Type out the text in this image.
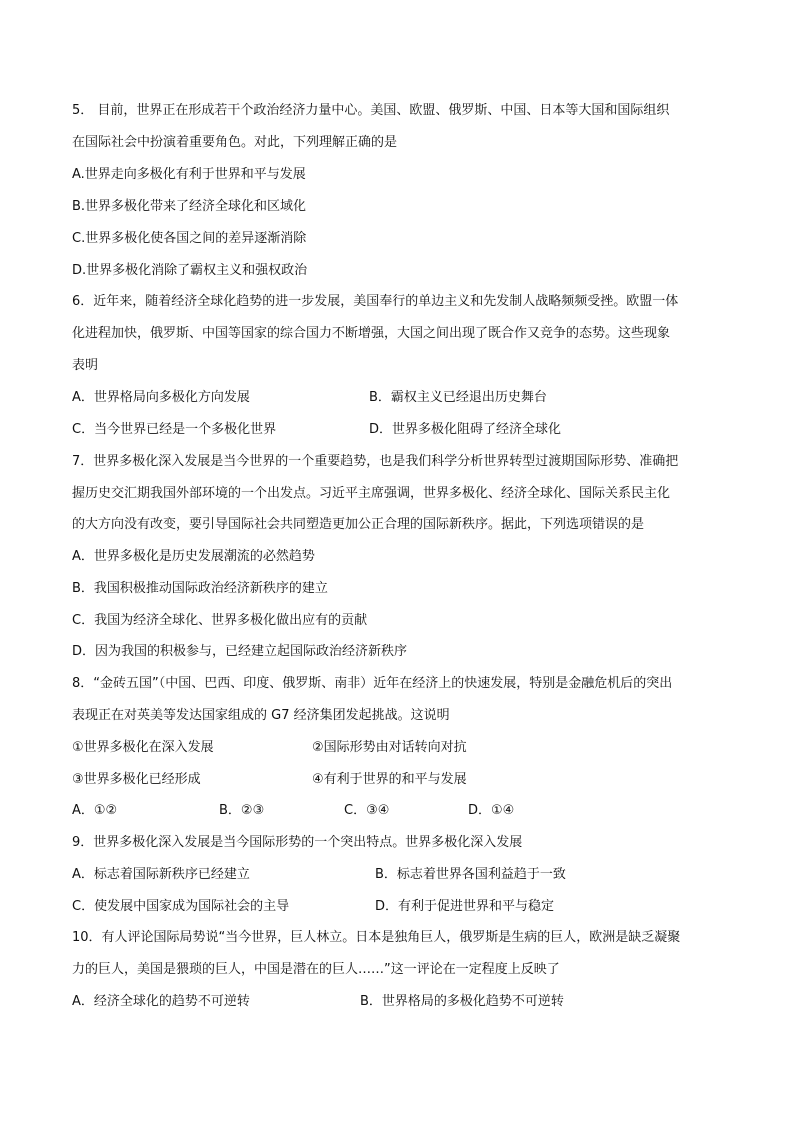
5． 目前，世界正在形成若干个政治经济力量中心。美国、欧盟、俄罗斯、中国、日本等大国和国际组织
在国际社会中扮演着重要角色。对此，下列理解正确的是
A.世界走向多极化有利于世界和平与发展
B.世界多极化带来了经济全球化和区域化
C.世界多极化使各国之间的差异逐渐消除
D.世界多极化消除了霸权主义和强权政治
6．近年来，随着经济全球化趋势的进一步发展，美国奉行的单边主义和先发制人战略频频受挫。欧盟一体
化进程加快，俄罗斯、中国等国家的综合国力不断增强，大国之间出现了既合作又竞争的态势。这些现象
表明
A．世界格局向多极化方向发展	B．霸权主义已经退出历史舞台
C．当今世界已经是一个多极化世界	D．世界多极化阻碍了经济全球化
7．世界多极化深入发展是当今世界的一个重要趋势，也是我们科学分析世界转型过渡期国际形势、准确把
握历史交汇期我国外部环境的一个出发点。习近平主席强调，世界多极化、经济全球化、国际关系民主化
的大方向没有改变，要引导国际社会共同塑造更加公正合理的国际新秩序。据此，下列选项错误的是
A．世界多极化是历史发展潮流的必然趋势
B．我国积极推动国际政治经济新秩序的建立
C．我国为经济全球化、世界多极化做出应有的贡献
D．因为我国的积极参与，已经建立起国际政治经济新秩序
8．“金砖五国”（中国、巴西、印度、俄罗斯、南非）近年在经济上的快速发展，特别是金融危机后的突出
表现正在对英美等发达国家组成的 G7 经济集团发起挑战。这说明
①世界多极化在深入发展	②国际形势由对话转向对抗
③世界多极化已经形成	④有利于世界的和平与发展
A．①②	B．②③	C．③④	D．①④
9．世界多极化深入发展是当今国际形势的一个突出特点。世界多极化深入发展
A．标志着国际新秩序已经建立	B．标志着世界各国利益趋于一致
C．使发展中国家成为国际社会的主导	D．有利于促进世界和平与稳定
10．有人评论国际局势说“当今世界，巨人林立。日本是独角巨人，俄罗斯是生病的巨人，欧洲是缺乏凝聚
力的巨人，美国是猥琐的巨人，中国是潜在的巨人……”这一评论在一定程度上反映了
A．经济全球化的趋势不可逆转	B．世界格局的多极化趋势不可逆转
